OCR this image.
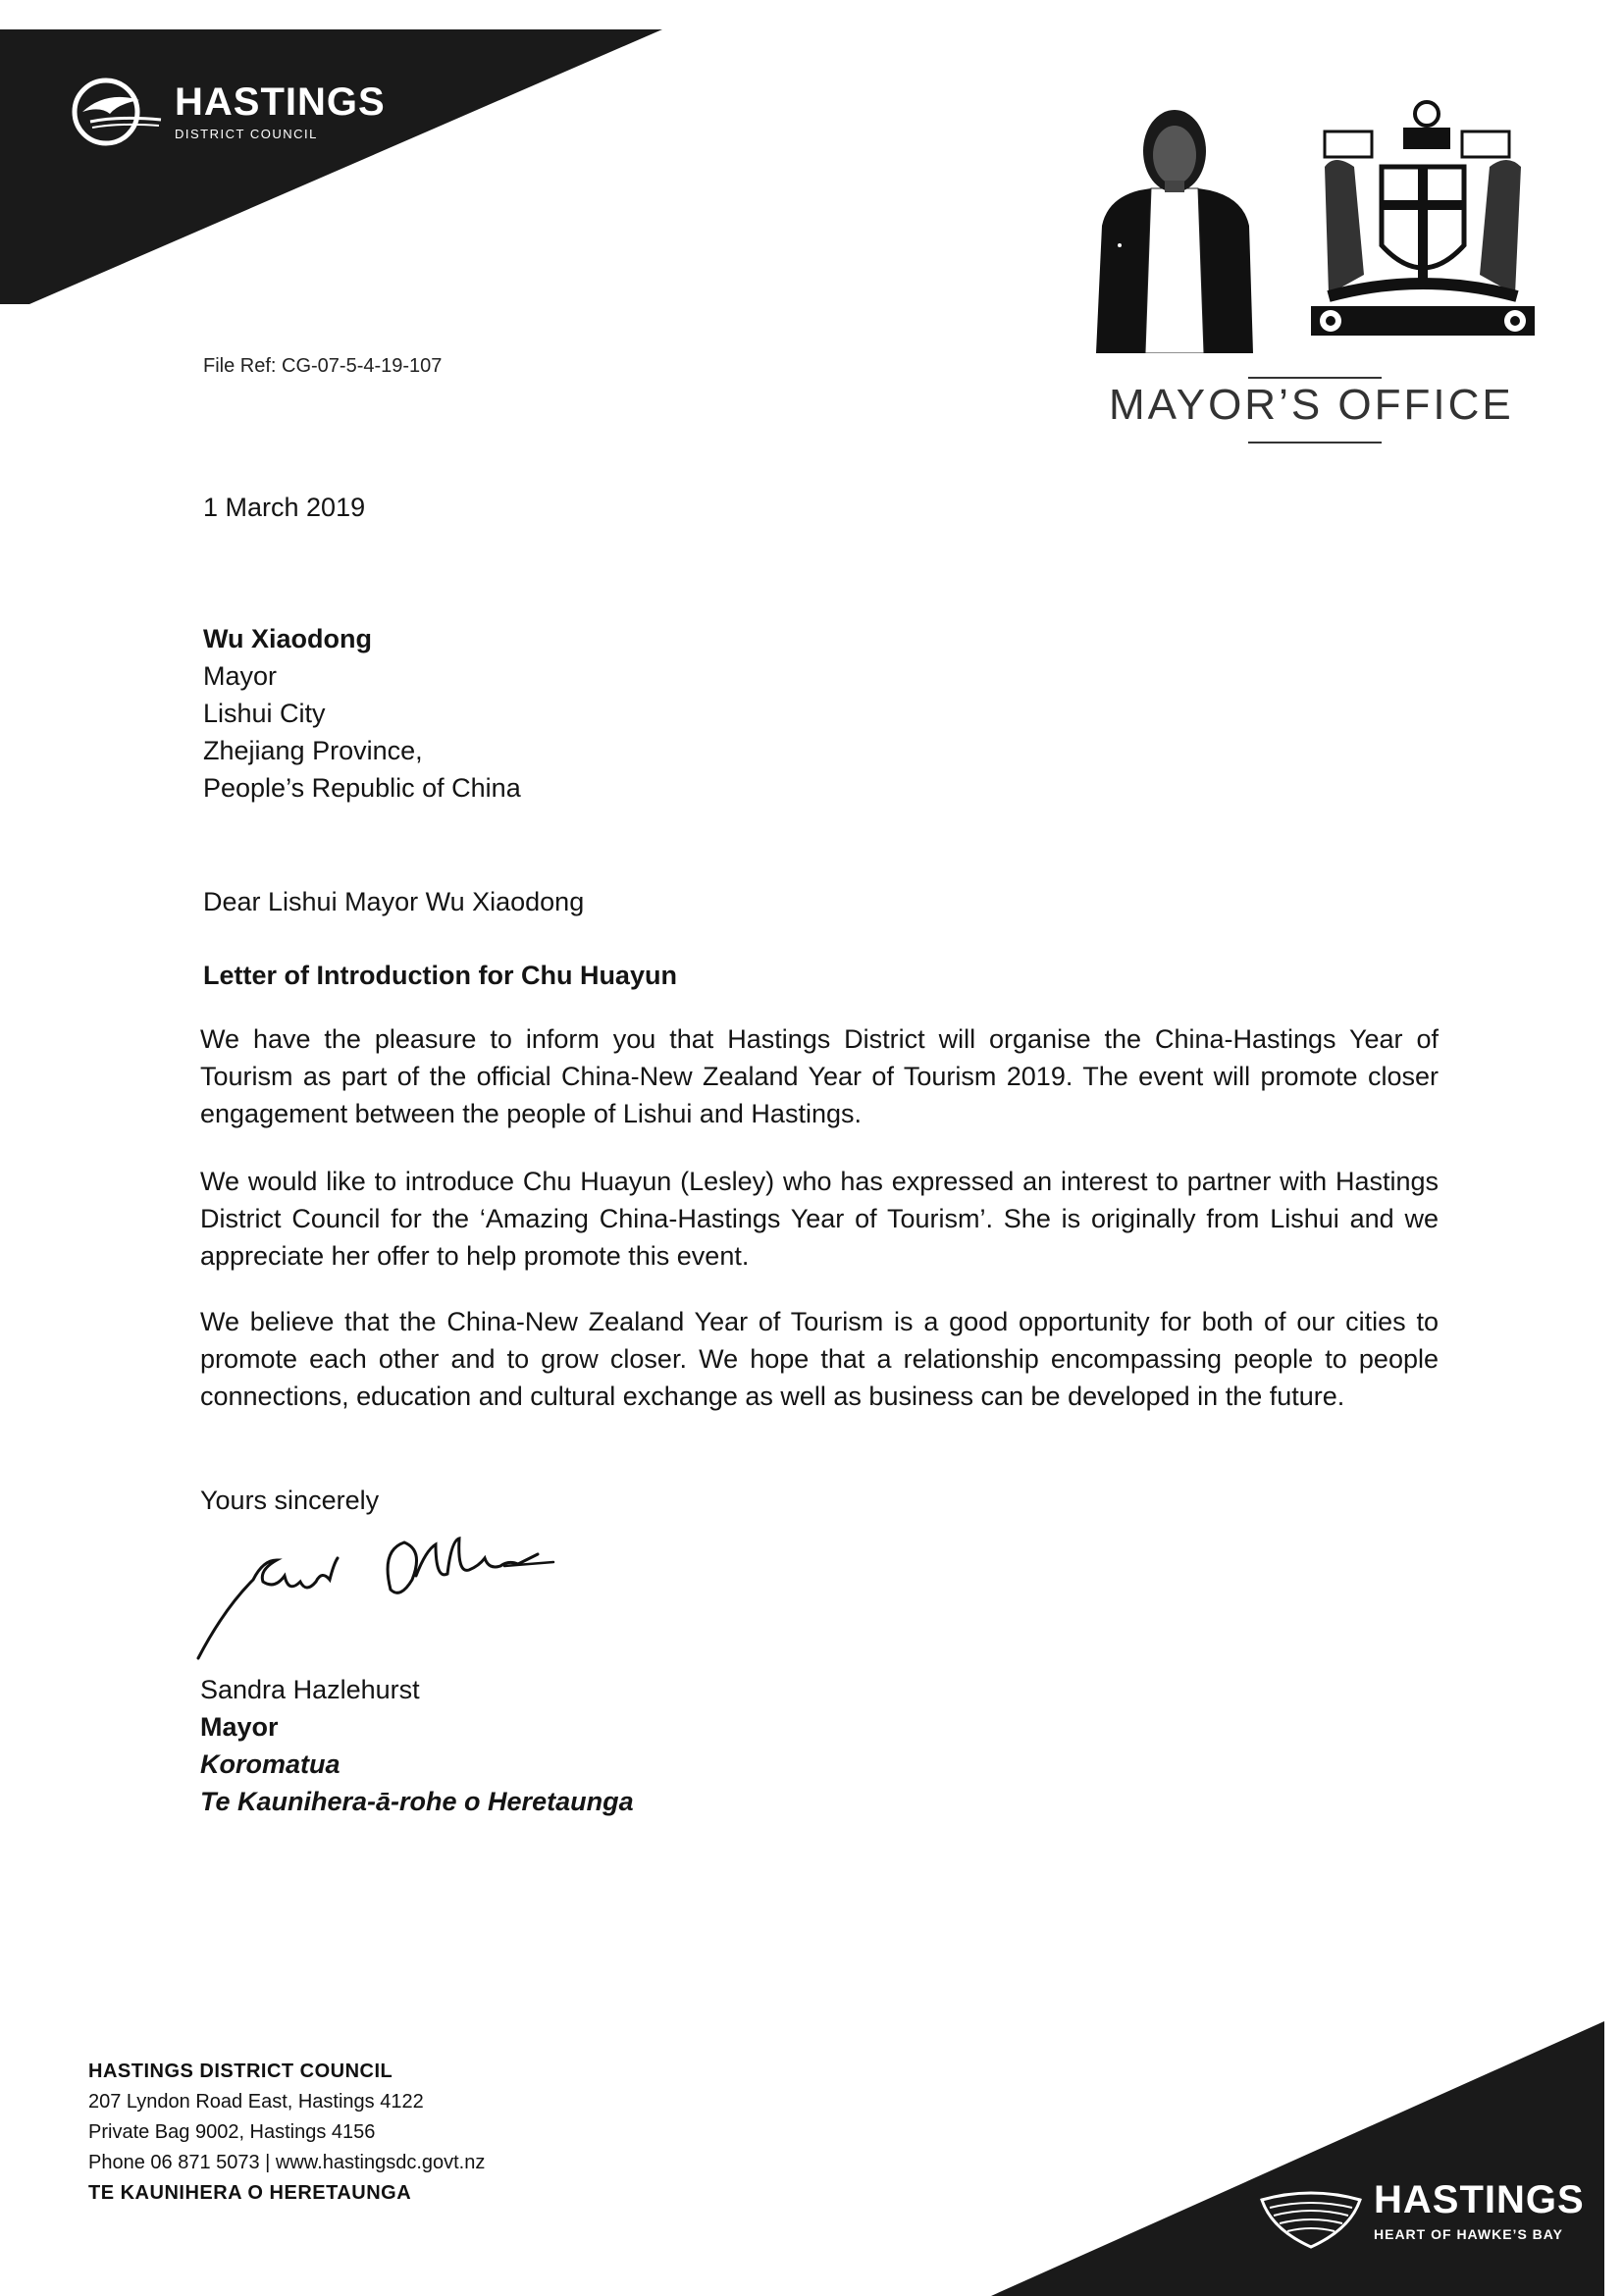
HASTINGS
DISTRICT COUNCIL
File Ref: CG-07-5-4-19-107
MAYOR’S OFFICE
1 March 2019
Wu Xiaodong
Mayor
Lishui City
Zhejiang Province,
People’s Republic of China
Dear Lishui Mayor Wu Xiaodong
Letter of Introduction for Chu Huayun
We have the pleasure to inform you that Hastings District will organise the China-Hastings Year of Tourism as part of the official China-New Zealand Year of Tourism 2019. The event will promote closer engagement between the people of Lishui and Hastings.
We would like to introduce Chu Huayun (Lesley) who has expressed an interest to partner with Hastings District Council for the ‘Amazing China-Hastings Year of Tourism’. She is originally from Lishui and we appreciate her offer to help promote this event.
We believe that the China-New Zealand Year of Tourism is a good opportunity for both of our cities to promote each other and to grow closer. We hope that a relationship encompassing people to people connections, education and cultural exchange as well as business can be developed in the future.
Yours sincerely
Sandra Hazlehurst
Mayor
Koromatua
Te Kaunihera-ā-rohe o Heretaunga
HASTINGS DISTRICT COUNCIL
207 Lyndon Road East, Hastings 4122
Private Bag 9002, Hastings 4156
Phone 06 871 5073 | www.hastingsdc.govt.nz
TE KAUNIHERA O HERETAUNGA	HASTINGS
HEART OF HAWKE’S BAY
